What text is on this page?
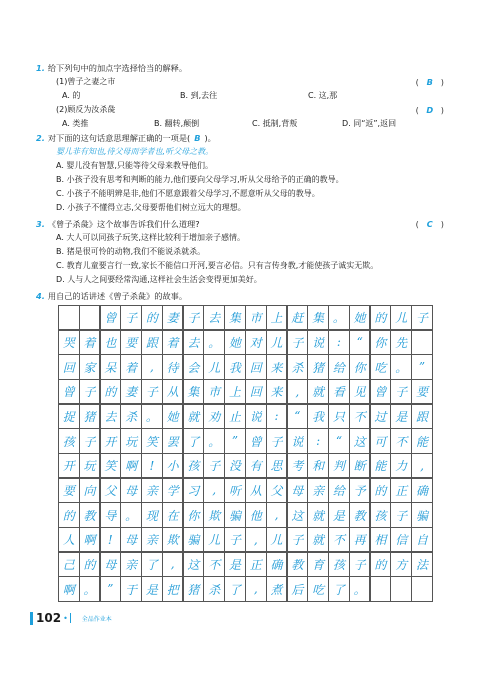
1. 给下列句中的加点字选择恰当的解释。
(1)曾子之妻之市	( B )
A. 的	B. 到,去往	C. 这,那
(2)顾反为汝杀彘	( D )
A. 类推	B. 翻转,颠倒	C. 抵制,背叛	D. 同“返”,返回
2. 对下面的这句话意思理解正确的一项是( B )。
婴儿非有知也,待父母而学者也,听父母之教。
A. 婴儿没有智慧,只能等待父母来教导他们。
B. 小孩子没有思考和判断的能力,他们要向父母学习,听从父母给予的正确的教导。
C. 小孩子不能明辨是非,他们不愿意跟着父母学习,不愿意听从父母的教导。
D. 小孩子不懂得立志,父母要帮他们树立远大的理想。
3. 《曾子杀彘》这个故事告诉我们什么道理?	( C )
A. 大人可以同孩子玩笑,这样比较利于增加亲子感情。
B. 猪是很可怜的动物,我们不能说杀就杀。
C. 教育儿童要言行一致,家长不能信口开河,要言必信。只有言传身教,才能使孩子诚实无欺。
D. 人与人之间要经常沟通,这样社会生活会变得更加美好。
4. 用自己的话讲述《曾子杀彘》的故事。
曾 子 的 妻 子 去 集 市 上 赶 集 。 她 的 儿 子
哭 着 也 要 跟 着 去 。 她 对 儿 子 说	:	“ 你 先
回 家 呆 着	,	待 会 儿 我 回 来 杀 猪 给 你 吃 。 ”
曾 子 的 妻 子 从 集 市 上 回 来	,	就 看 见 曾 子 要
捉 猪 去 杀 。 她 就 劝 止 说	:	“ 我 只 不 过 是 跟
孩 子 开 玩 笑 罢 了 。 ” 曾 子 说	:	“ 这 可 不 能
开 玩 笑 啊	!	小 孩 子 没 有 思 考 和 判 断 能 力	,
要 向 父 母 亲 学 习	,	听 从 父 母 亲 给 予 的 正 确
的 教 导 。 现 在 你 欺 骗 他	,	这 就 是 教 孩 子 骗
人 啊	!	母 亲 欺 骗 儿 子	,	儿 子 就 不 再 相 信 自
己 的 母 亲 了	,	这 不 是 正 确 教 育 孩 子 的 方 法
啊 。 ” 于 是 把 猪 杀 了	,	煮 后 吃 了 。
102 • 全品作业本
